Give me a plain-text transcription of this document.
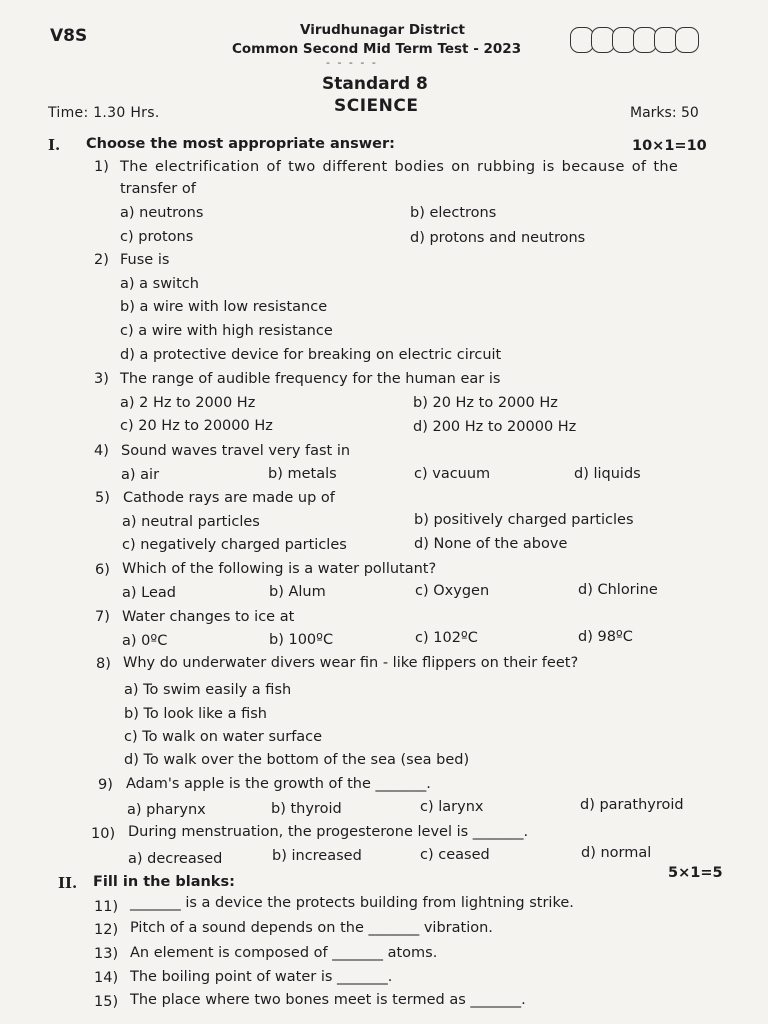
V8S	Virudhunagar District
Common Second Mid Term Test - 2023
- - - - -
Standard 8
SCIENCE
Time: 1.30 Hrs.	Marks: 50
I. Choose the most appropriate answer:	10×1=10
1) The electrification of two different bodies on rubbing is because of the
transfer of
a) neutrons	b) electrons
c) protons	d) protons and neutrons
2) Fuse is
a) a switch
b) a wire with low resistance
c) a wire with high resistance
d) a protective device for breaking on electric circuit
3) The range of audible frequency for the human ear is
a) 2 Hz to 2000 Hz	b) 20 Hz to 2000 Hz
c) 20 Hz to 20000 Hz	d) 200 Hz to 20000 Hz
4) Sound waves travel very fast in
a) air	b) metals	c) vacuum	d) liquids
5) Cathode rays are made up of
a) neutral particles	b) positively charged particles
c) negatively charged particles	d) None of the above
6) Which of the following is a water pollutant?
a) Lead	b) Alum	c) Oxygen	d) Chlorine
7) Water changes to ice at
a) 0ºC	b) 100ºC	c) 102ºC	d) 98ºC
8) Why do underwater divers wear fin - like flippers on their feet?
a) To swim easily a fish
b) To look like a fish
c) To walk on water surface
d) To walk over the bottom of the sea (sea bed)
9) Adam's apple is the growth of the _______.
a) pharynx	b) thyroid	c) larynx	d) parathyroid
10) During menstruation, the progesterone level is _______.
a) decreased	b) increased	c) ceased	d) normal
II. Fill in the blanks:
5×1=5
11) _______ is a device the protects building from lightning strike.
12) Pitch of a sound depends on the _______ vibration.
13) An element is composed of _______ atoms.
14) The boiling point of water is _______.
15) The place where two bones meet is termed as _______.
